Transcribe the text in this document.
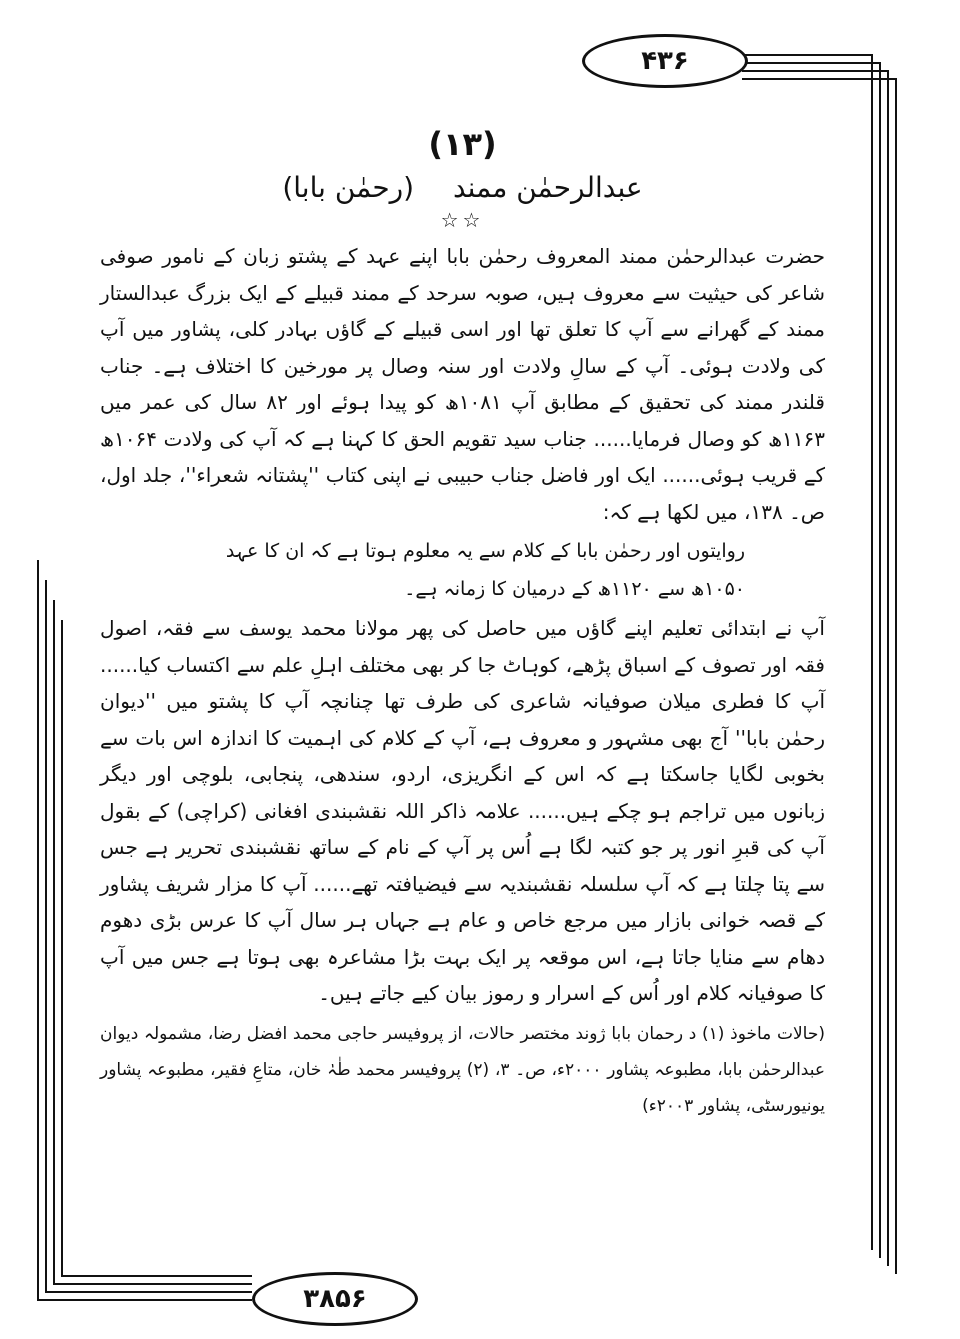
۴۳۶
۳۸۵۶
(۱۳)
عبدالرحمٰن ممند (رحمٰن بابا)
☆☆

حضرت عبدالرحمٰن ممند المعروف رحمٰن بابا اپنے عہد کے پشتو زبان کے نامور صوفی شاعر کی حیثیت سے معروف ہیں، صوبہ سرحد کے ممند قبیلے کے ایک بزرگ عبدالستار ممند کے گھرانے سے آپ کا تعلق تھا اور اسی قبیلے کے گاؤں بہادر کلی، پشاور میں آپ کی ولادت ہوئی۔ آپ کے سالِ ولادت اور سنہ وصال پر مورخین کا اختلاف ہے۔ جناب قلندر ممند کی تحقیق کے مطابق آپ ۱۰۸۱ھ کو پیدا ہوئے اور ۸۲ سال کی عمر میں ۱۱۶۳ھ کو وصال فرمایا...... جناب سید تقویم الحق کا کہنا ہے کہ آپ کی ولادت ۱۰۶۴ھ کے قریب ہوئی...... ایک اور فاضل جناب حبیبی نے اپنی کتاب ''پشتانہ شعراء''، جلد اول، ص۔ ۱۳۸، میں لکھا ہے کہ:

روایتوں اور رحمٰن بابا کے کلام سے یہ معلوم ہوتا ہے کہ ان کا عہد ۱۰۵۰ھ سے ۱۱۲۰ھ کے درمیان کا زمانہ ہے۔

آپ نے ابتدائی تعلیم اپنے گاؤں میں حاصل کی پھر مولانا محمد یوسف سے فقہ، اصول فقہ اور تصوف کے اسباق پڑھے، کوہاٹ جا کر بھی مختلف اہلِ علم سے اکتساب کیا...... آپ کا فطری میلان صوفیانہ شاعری کی طرف تھا چنانچہ آپ کا پشتو میں ''دیوان رحمٰن بابا'' آج بھی مشہور و معروف ہے، آپ کے کلام کی اہمیت کا اندازہ اس بات سے بخوبی لگایا جاسکتا ہے کہ اس کے انگریزی، اردو، سندھی، پنجابی، بلوچی اور دیگر زبانوں میں تراجم ہو چکے ہیں...... علامہ ذاکر اللہ نقشبندی افغانی (کراچی) کے بقول آپ کی قبرِ انور پر جو کتبہ لگا ہے اُس پر آپ کے نام کے ساتھ نقشبندی تحریر ہے جس سے پتا چلتا ہے کہ آپ سلسلہ نقشبندیہ سے فیضیافتہ تھے...... آپ کا مزار شریف پشاور کے قصہ خوانی بازار میں مرجع خاص و عام ہے جہاں ہر سال آپ کا عرس بڑی دھوم دھام سے منایا جاتا ہے، اس موقعہ پر ایک بہت بڑا مشاعرہ بھی ہوتا ہے جس میں آپ کا صوفیانہ کلام اور اُس کے اسرار و رموز بیان کیے جاتے ہیں۔

(حالات ماخوذ (۱) د رحمان بابا ژوند مختصر حالات، از پروفیسر حاجی محمد افضل رضا، مشمولہ دیوان عبدالرحمٰن بابا، مطبوعہ پشاور ۲۰۰۰ء، ص۔ ۳، (۲) پروفیسر محمد طٰہٰ خان، متاعِ فقیر، مطبوعہ پشاور یونیورسٹی، پشاور ۲۰۰۳ء)
